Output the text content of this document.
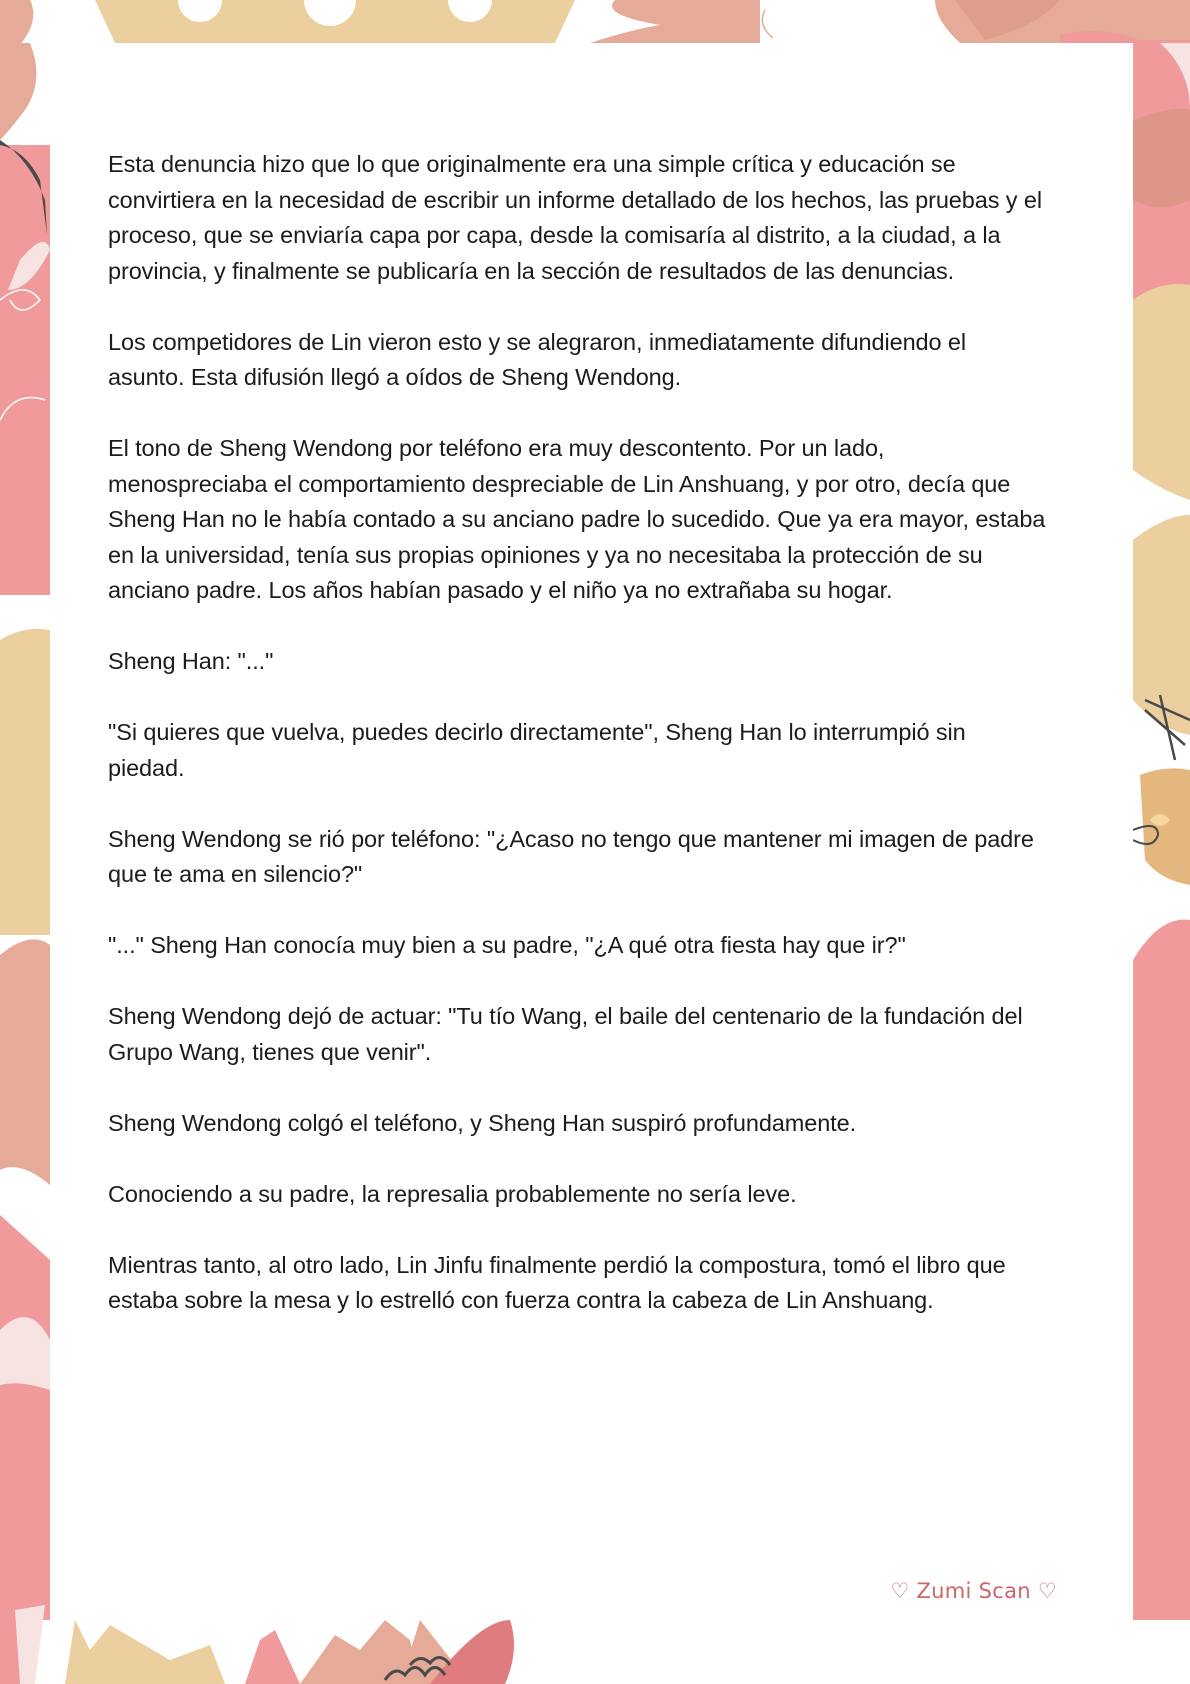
Esta denuncia hizo que lo que originalmente era una simple crítica y educación se convirtiera en la necesidad de escribir un informe detallado de los hechos, las pruebas y el proceso, que se enviaría capa por capa, desde la comisaría al distrito, a la ciudad, a la provincia, y finalmente se publicaría en la sección de resultados de las denuncias.

Los competidores de Lin vieron esto y se alegraron, inmediatamente difundiendo el asunto. Esta difusión llegó a oídos de Sheng Wendong.

El tono de Sheng Wendong por teléfono era muy descontento. Por un lado, menospreciaba el comportamiento despreciable de Lin Anshuang, y por otro, decía que Sheng Han no le había contado a su anciano padre lo sucedido. Que ya era mayor, estaba en la universidad, tenía sus propias opiniones y ya no necesitaba la protección de su anciano padre. Los años habían pasado y el niño ya no extrañaba su hogar.

Sheng Han: "..."

"Si quieres que vuelva, puedes decirlo directamente", Sheng Han lo interrumpió sin piedad.

Sheng Wendong se rió por teléfono: "¿Acaso no tengo que mantener mi imagen de padre que te ama en silencio?"

"..." Sheng Han conocía muy bien a su padre, "¿A qué otra fiesta hay que ir?"

Sheng Wendong dejó de actuar: "Tu tío Wang, el baile del centenario de la fundación del Grupo Wang, tienes que venir".

Sheng Wendong colgó el teléfono, y Sheng Han suspiró profundamente.

Conociendo a su padre, la represalia probablemente no sería leve.

Mientras tanto, al otro lado, Lin Jinfu finalmente perdió la compostura, tomó el libro que estaba sobre la mesa y lo estrelló con fuerza contra la cabeza de Lin Anshuang.

♡ Zumi Scan ♡
